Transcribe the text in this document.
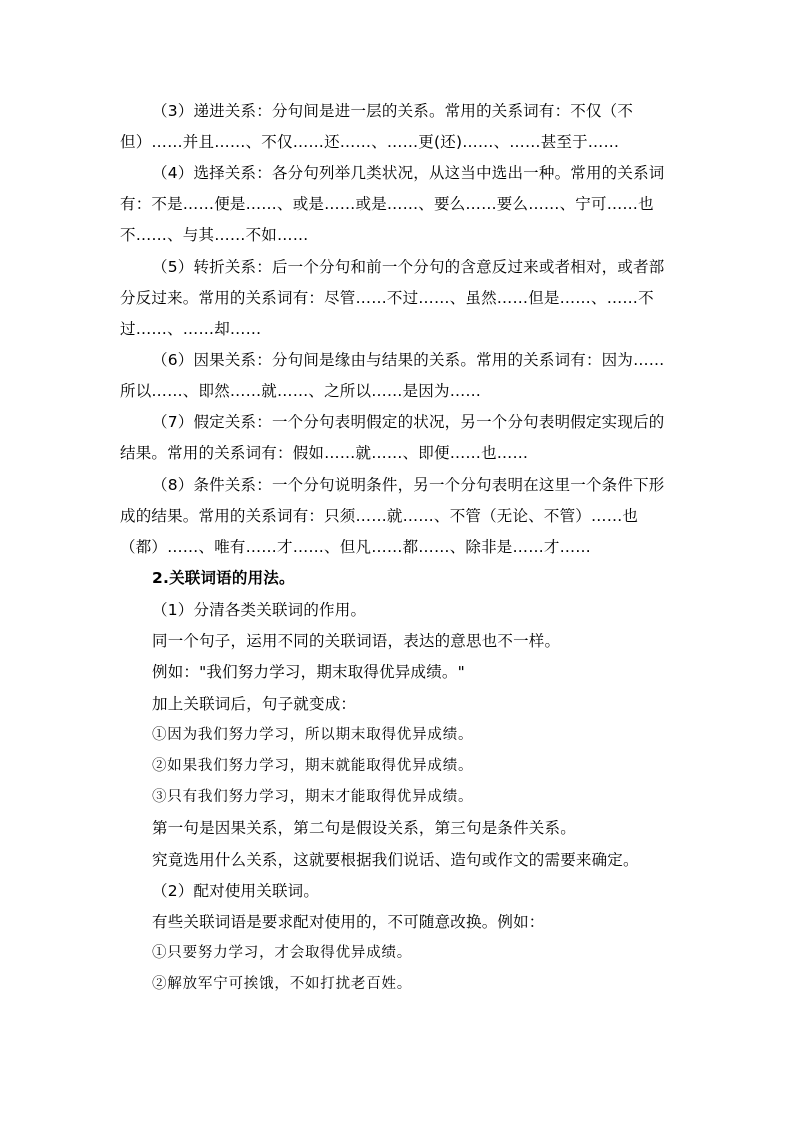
（3）递进关系：分句间是进一层的关系。常用的关系词有：不仅（不
但）……并且……、不仅……还……、……更(还)……、……甚至于……
（4）选择关系：各分句列举几类状况，从这当中选出一种。常用的关系词
有：不是……便是……、或是……或是……、要么……要么……、宁可……也
不……、与其……不如……
（5）转折关系：后一个分句和前一个分句的含意反过来或者相对，或者部
分反过来。常用的关系词有：尽管……不过……、虽然……但是……、……不
过……、……却……
（6）因果关系：分句间是缘由与结果的关系。常用的关系词有：因为……
所以……、即然……就……、之所以……是因为……
（7）假定关系：一个分句表明假定的状况，另一个分句表明假定实现后的
结果。常用的关系词有：假如……就……、即便……也……
（8）条件关系：一个分句说明条件，另一个分句表明在这里一个条件下形
成的结果。常用的关系词有：只须……就……、不管（无论、不管）……也
（都）……、唯有……才……、但凡……都……、除非是……才……
2.关联词语的用法。
（1）分清各类关联词的作用。
同一个句子，运用不同的关联词语，表达的意思也不一样。
例如："我们努力学习，期末取得优异成绩。"
加上关联词后，句子就变成：
①因为我们努力学习，所以期末取得优异成绩。
②如果我们努力学习，期末就能取得优异成绩。
③只有我们努力学习，期末才能取得优异成绩。
第一句是因果关系，第二句是假设关系，第三句是条件关系。
究竟选用什么关系，这就要根据我们说话、造句或作文的需要来确定。
（2）配对使用关联词。
有些关联词语是要求配对使用的，不可随意改换。例如：
①只要努力学习，才会取得优异成绩。
②解放军宁可挨饿，不如打扰老百姓。
